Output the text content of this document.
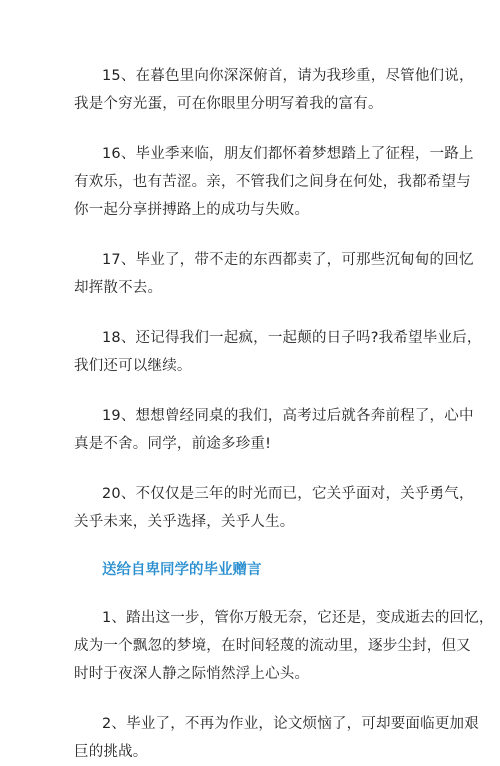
15、在暮色里向你深深俯首，请为我珍重，尽管他们说，
我是个穷光蛋，可在你眼里分明写着我的富有。
16、毕业季来临，朋友们都怀着梦想踏上了征程，一路上
有欢乐，也有苦涩。亲，不管我们之间身在何处，我都希望与
你一起分享拼搏路上的成功与失败。
17、毕业了，带不走的东西都卖了，可那些沉甸甸的回忆
却挥散不去。
18、还记得我们一起疯，一起颠的日子吗?我希望毕业后，
我们还可以继续。
19、想想曾经同桌的我们，高考过后就各奔前程了，心中
真是不舍。同学，前途多珍重!
20、不仅仅是三年的时光而已，它关乎面对，关乎勇气，
关乎未来，关乎选择，关乎人生。
送给自卑同学的毕业赠言
1、踏出这一步，管你万般无奈，它还是，变成逝去的回忆，
成为一个飘忽的梦境，在时间轻蔑的流动里，逐步尘封，但又
时时于夜深人静之际悄然浮上心头。
2、毕业了，不再为作业，论文烦恼了，可却要面临更加艰
巨的挑战。
